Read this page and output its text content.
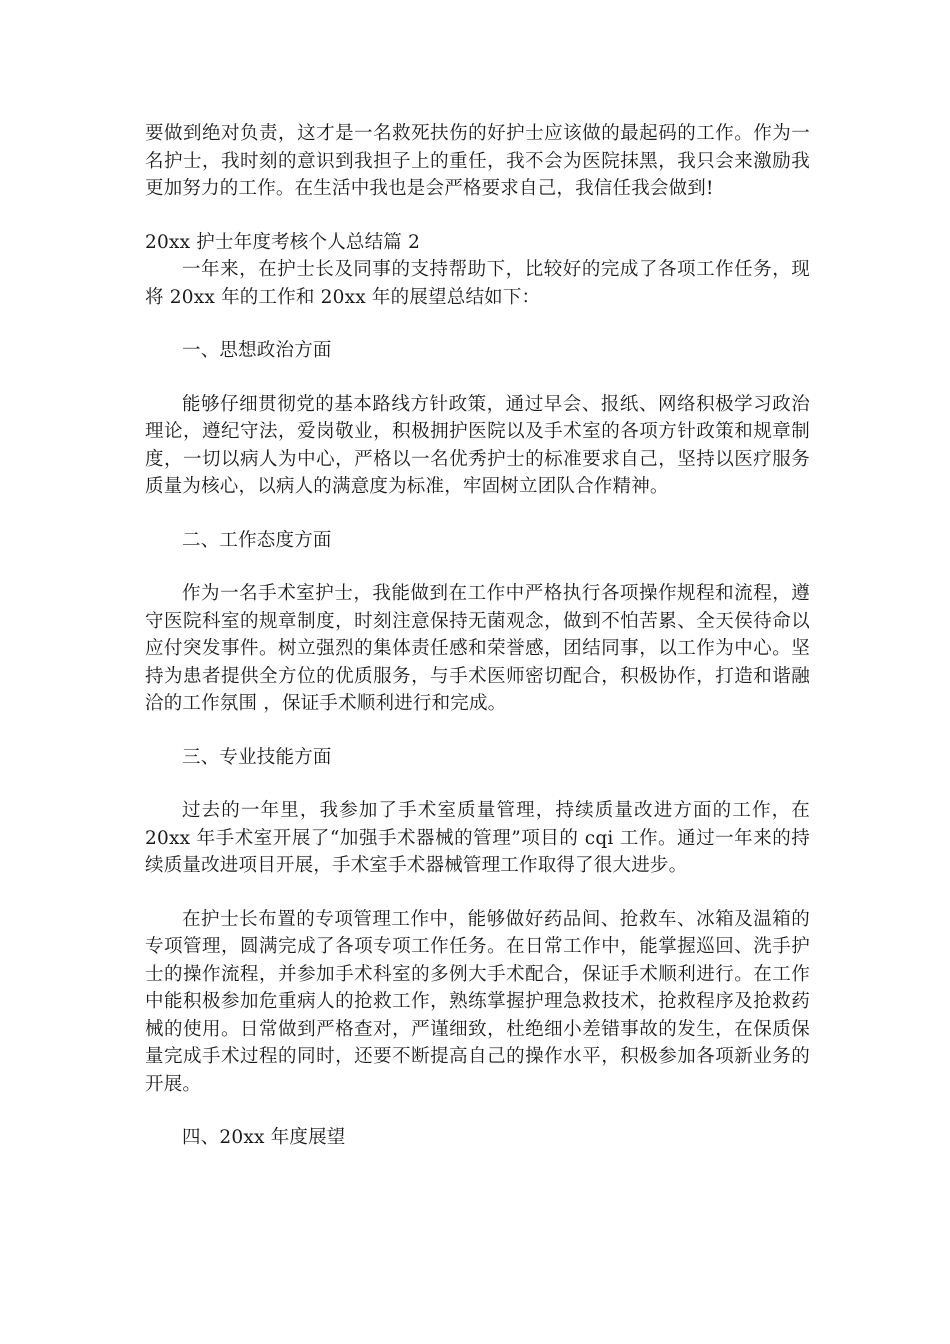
要做到绝对负责，这才是一名救死扶伤的好护士应该做的最起码的工作。作为一名护士，我时刻的意识到我担子上的重任，我不会为医院抹黑，我只会来激励我更加努力的工作。在生活中我也是会严格要求自己，我信任我会做到!

20xx 护士年度考核个人总结篇 2

一年来，在护士长及同事的支持帮助下，比较好的完成了各项工作任务，现将 20xx 年的工作和 20xx 年的展望总结如下：

一、思想政治方面

能够仔细贯彻党的基本路线方针政策，通过早会、报纸、网络积极学习政治理论，遵纪守法，爱岗敬业，积极拥护医院以及手术室的各项方针政策和规章制度，一切以病人为中心，严格以一名优秀护士的标准要求自己，坚持以医疗服务质量为核心，以病人的满意度为标准，牢固树立团队合作精神。

二、工作态度方面

作为一名手术室护士，我能做到在工作中严格执行各项操作规程和流程，遵守医院科室的规章制度，时刻注意保持无菌观念，做到不怕苦累、全天侯待命以应付突发事件。树立强烈的集体责任感和荣誉感，团结同事，以工作为中心。坚持为患者提供全方位的优质服务，与手术医师密切配合，积极协作，打造和谐融洽的工作氛围 ，保证手术顺利进行和完成。

三、专业技能方面

过去的一年里，我参加了手术室质量管理，持续质量改进方面的工作，在 20xx 年手术室开展了“加强手术器械的管理”项目的 cqi 工作。通过一年来的持续质量改进项目开展，手术室手术器械管理工作取得了很大进步。

在护士长布置的专项管理工作中，能够做好药品间、抢救车、冰箱及温箱的专项管理，圆满完成了各项专项工作任务。在日常工作中，能掌握巡回、洗手护士的操作流程，并参加手术科室的多例大手术配合，保证手术顺利进行。在工作中能积极参加危重病人的抢救工作，熟练掌握护理急救技术，抢救程序及抢救药械的使用。日常做到严格查对，严谨细致，杜绝细小差错事故的发生，在保质保量完成手术过程的同时，还要不断提高自己的操作水平，积极参加各项新业务的开展。

四、20xx 年度展望
